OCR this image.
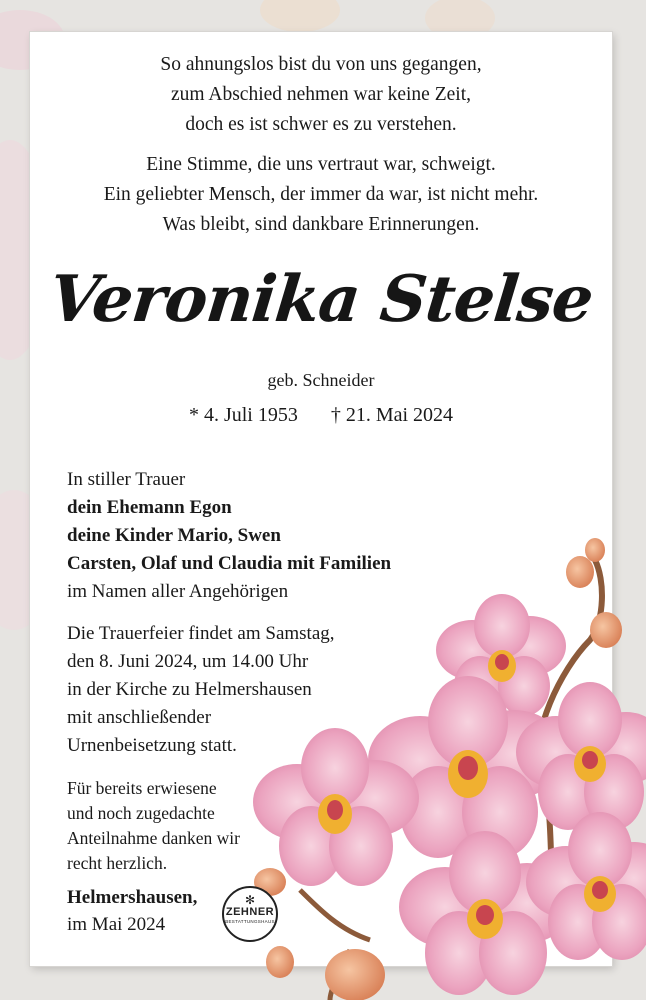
So ahnungslos bist du von uns gegangen,

zum Abschied nehmen war keine Zeit,

doch es ist schwer es zu verstehen.

Eine Stimme, die uns vertraut war, schweigt.

Ein geliebter Mensch, der immer da war, ist nicht mehr.

Was bleibt, sind dankbare Erinnerungen.

Veronika Stelse
geb. Schneider
* 4. Juli 1953 † 21. Mai 2024

In stiller Trauer

dein Ehemann Egon

deine Kinder Mario, Swen

Carsten, Olaf und Claudia mit Familien

im Namen aller Angehörigen

Die Trauerfeier findet am Samstag,

den 8. Juni 2024, um 14.00 Uhr

in der Kirche zu Helmershausen

mit anschließender

Urnenbeisetzung statt.

Für bereits erwiesene

und noch zugedachte

Anteilnahme danken wir

recht herzlich.

Helmershausen,

im Mai 2024

✻
ZEHNER
BESTATTUNGSHAUS
